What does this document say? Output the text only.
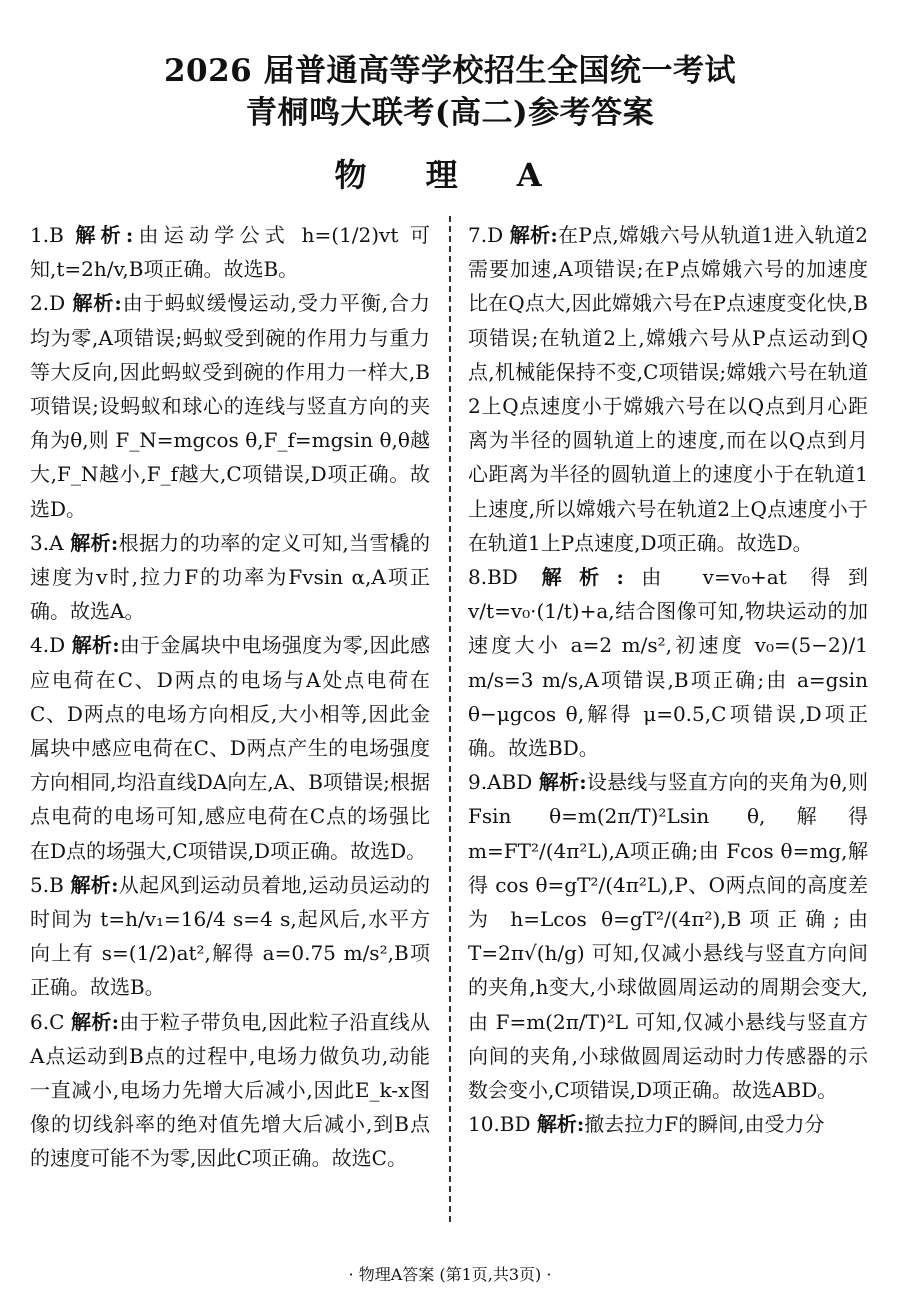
2026 届普通高等学校招生全国统一考试
青桐鸣大联考(高二)参考答案
物 理 A

1.B 解析:由运动学公式 h=(1/2)vt 可知,t=2h/v,B项正确。故选B。

2.D 解析:由于蚂蚁缓慢运动,受力平衡,合力均为零,A项错误;蚂蚁受到碗的作用力与重力等大反向,因此蚂蚁受到碗的作用力一样大,B项错误;设蚂蚁和球心的连线与竖直方向的夹角为θ,则 F_N=mgcos θ,F_f=mgsin θ,θ越大,F_N越小,F_f越大,C项错误,D项正确。故选D。

3.A 解析:根据力的功率的定义可知,当雪橇的速度为v时,拉力F的功率为Fvsin α,A项正确。故选A。

4.D 解析:由于金属块中电场强度为零,因此感应电荷在C、D两点的电场与A处点电荷在C、D两点的电场方向相反,大小相等,因此金属块中感应电荷在C、D两点产生的电场强度方向相同,均沿直线DA向左,A、B项错误;根据点电荷的电场可知,感应电荷在C点的场强比在D点的场强大,C项错误,D项正确。故选D。

5.B 解析:从起风到运动员着地,运动员运动的时间为 t=h/v₁=16/4 s=4 s,起风后,水平方向上有 s=(1/2)at²,解得 a=0.75 m/s²,B项正确。故选B。

6.C 解析:由于粒子带负电,因此粒子沿直线从A点运动到B点的过程中,电场力做负功,动能一直减小,电场力先增大后减小,因此E_k-x图像的切线斜率的绝对值先增大后减小,到B点的速度可能不为零,因此C项正确。故选C。

7.D 解析:在P点,嫦娥六号从轨道1进入轨道2需要加速,A项错误;在P点嫦娥六号的加速度比在Q点大,因此嫦娥六号在P点速度变化快,B项错误;在轨道2上,嫦娥六号从P点运动到Q点,机械能保持不变,C项错误;嫦娥六号在轨道2上Q点速度小于嫦娥六号在以Q点到月心距离为半径的圆轨道上的速度,而在以Q点到月心距离为半径的圆轨道上的速度小于在轨道1上速度,所以嫦娥六号在轨道2上Q点速度小于在轨道1上P点速度,D项正确。故选D。

8.BD 解析:由 v=v₀+at 得到 v/t=v₀·(1/t)+a,结合图像可知,物块运动的加速度大小 a=2 m/s²,初速度 v₀=(5−2)/1 m/s=3 m/s,A项错误,B项正确;由 a=gsin θ−μgcos θ,解得 μ=0.5,C项错误,D项正确。故选BD。

9.ABD 解析:设悬线与竖直方向的夹角为θ,则 Fsin θ=m(2π/T)²Lsin θ,解得 m=FT²/(4π²L),A项正确;由 Fcos θ=mg,解得 cos θ=gT²/(4π²L),P、O两点间的高度差为 h=Lcos θ=gT²/(4π²),B项正确;由 T=2π√(h/g) 可知,仅减小悬线与竖直方向间的夹角,h变大,小球做圆周运动的周期会变大,由 F=m(2π/T)²L 可知,仅减小悬线与竖直方向间的夹角,小球做圆周运动时力传感器的示数会变小,C项错误,D项正确。故选ABD。

10.BD 解析:撤去拉力F的瞬间,由受力分

· 物理A答案 (第1页,共3页) ·
